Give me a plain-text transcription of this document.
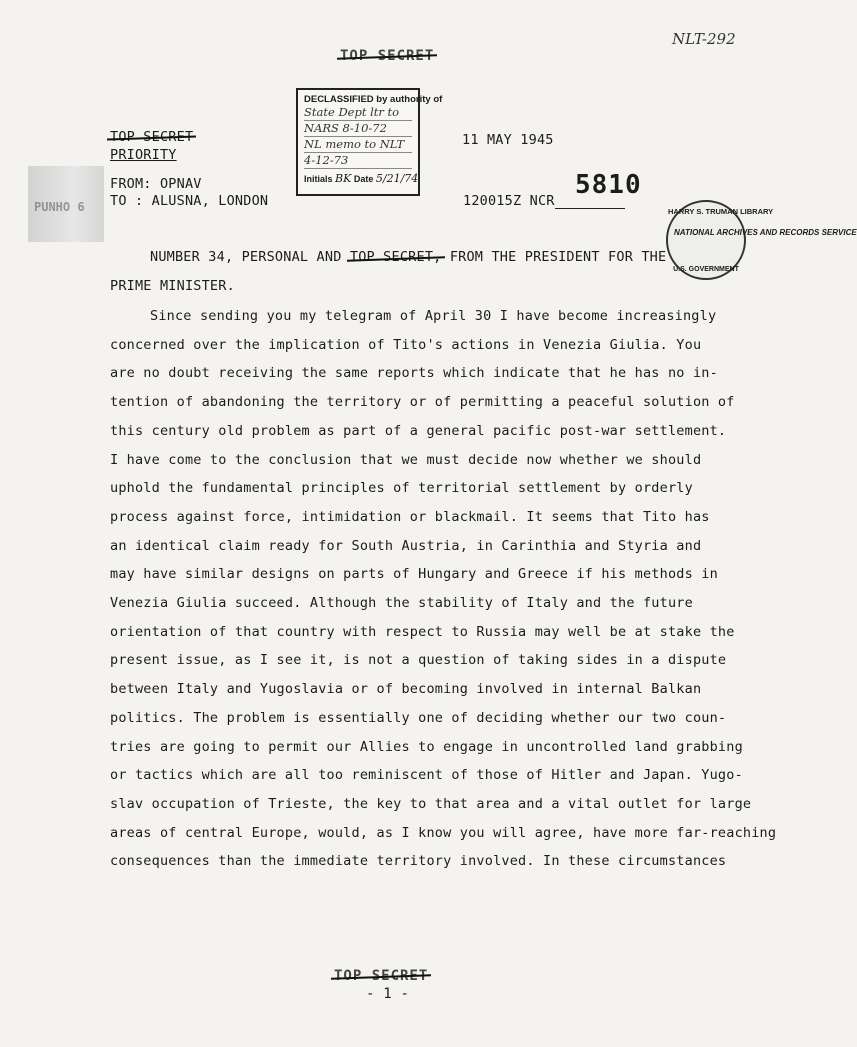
NLT-292
TOP SECRET
DECLASSIFIED by authority of
State Dept ltr to
NARS 8-10-72
NL memo to NLT
4-12-73
Initials BK Date 5/21/74
TOP SECRET
PRIORITY
11 MAY 1945
PUNHO 6
FROM: OPNAV
TO : ALUSNA, LONDON	120015Z NCR
5810
HARRY S. TRUMAN LIBRARY
NATIONAL ARCHIVES AND RECORDS SERVICE
U.S. GOVERNMENT
NUMBER 34, PERSONAL AND TOP SECRET, FROM THE PRESIDENT FOR THE
PRIME MINISTER.
Since sending you my telegram of April 30 I have become increasingly
concerned over the implication of Tito's actions in Venezia Giulia. You
are no doubt receiving the same reports which indicate that he has no in-
tention of abandoning the territory or of permitting a peaceful solution of
this century old problem as part of a general pacific post-war settlement.
I have come to the conclusion that we must decide now whether we should
uphold the fundamental principles of territorial settlement by orderly
process against force, intimidation or blackmail. It seems that Tito has
an identical claim ready for South Austria, in Carinthia and Styria and
may have similar designs on parts of Hungary and Greece if his methods in
Venezia Giulia succeed. Although the stability of Italy and the future
orientation of that country with respect to Russia may well be at stake the
present issue, as I see it, is not a question of taking sides in a dispute
between Italy and Yugoslavia or of becoming involved in internal Balkan
politics. The problem is essentially one of deciding whether our two coun-
tries are going to permit our Allies to engage in uncontrolled land grabbing
or tactics which are all too reminiscent of those of Hitler and Japan. Yugo-
slav occupation of Trieste, the key to that area and a vital outlet for large
areas of central Europe, would, as I know you will agree, have more far-reaching
consequences than the immediate territory involved. In these circumstances
TOP SECRET
- 1 -
